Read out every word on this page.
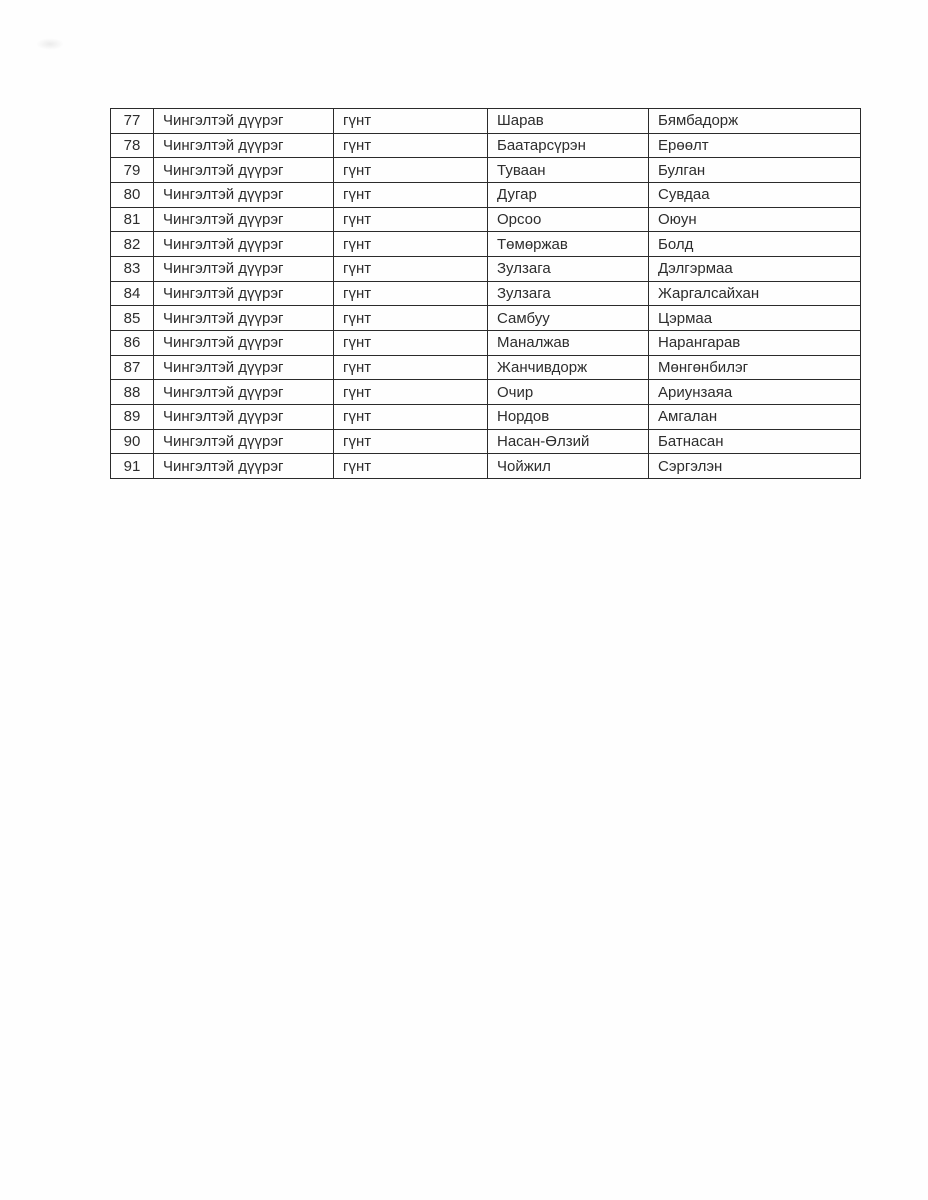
77	Чингэлтэй дүүрэг	гүнт	Шарав	Бямбадорж
78	Чингэлтэй дүүрэг	гүнт	Баатарсүрэн	Ерөөлт
79	Чингэлтэй дүүрэг	гүнт	Туваан	Булган
80	Чингэлтэй дүүрэг	гүнт	Дугар	Сувдаа
81	Чингэлтэй дүүрэг	гүнт	Орсоо	Оюун
82	Чингэлтэй дүүрэг	гүнт	Төмөржав	Болд
83	Чингэлтэй дүүрэг	гүнт	Зулзага	Дэлгэрмаа
84	Чингэлтэй дүүрэг	гүнт	Зулзага	Жаргалсайхан
85	Чингэлтэй дүүрэг	гүнт	Самбуу	Цэрмаа
86	Чингэлтэй дүүрэг	гүнт	Маналжав	Нарангарав
87	Чингэлтэй дүүрэг	гүнт	Жанчивдорж	Мөнгөнбилэг
88	Чингэлтэй дүүрэг	гүнт	Очир	Ариунзаяа
89	Чингэлтэй дүүрэг	гүнт	Нордов	Амгалан
90	Чингэлтэй дүүрэг	гүнт	Насан-Өлзий	Батнасан
91	Чингэлтэй дүүрэг	гүнт	Чойжил	Сэргэлэн
